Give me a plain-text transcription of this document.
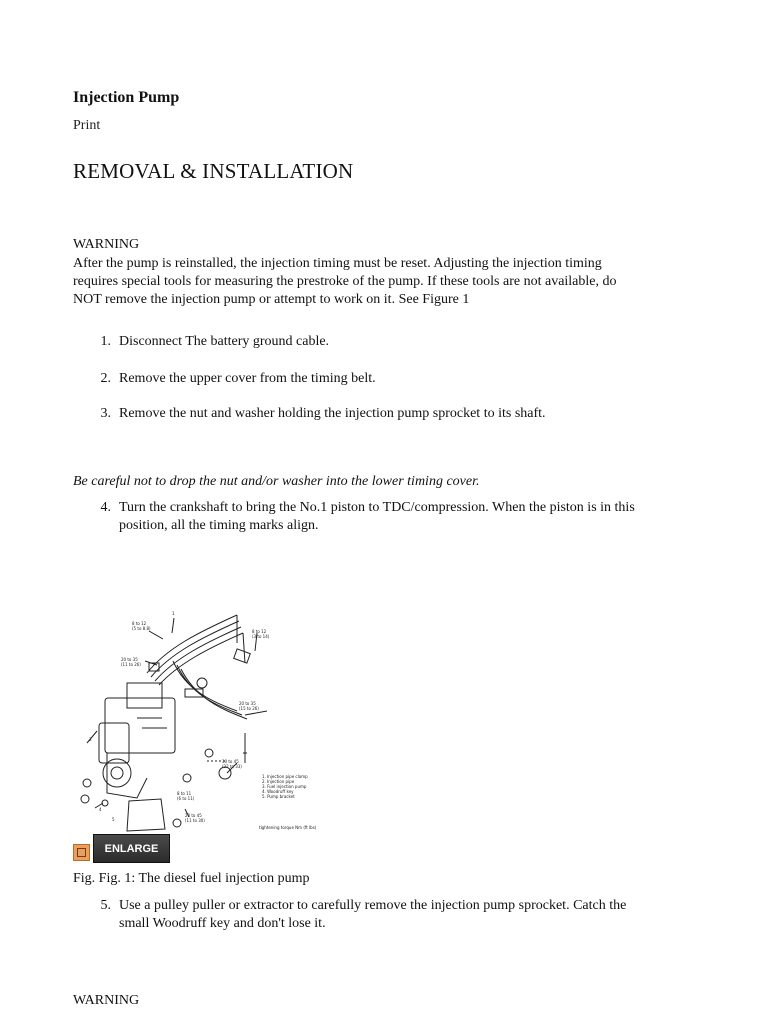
Injection Pump
Print
REMOVAL & INSTALLATION
WARNING
After the pump is reinstalled, the injection timing must be reset. Adjusting the injection timing
requires special tools for measuring the prestroke of the pump. If these tools are not available, do
NOT remove the injection pump or attempt to work on it. See Figure 1
1. Disconnect The battery ground cable.
2. Remove the upper cover from the timing belt.
3. Remove the nut and washer holding the injection pump sprocket to its shaft.
Be careful not to drop the nut and/or washer into the lower timing cover.
4. Turn the crankshaft to bring the No.1 piston to TDC/compression. When the piston is in this
position, all the timing marks align.
8 to 12
(5 to 8.8)
8 to 12
(3 to 14)
20 to 35
(11 to 26)
20 to 35
(15 to 26)
30 to 45
(22 to 33)
8 to 11
(6 to 11)
20 to 45
(11 to 30)
3
1
4
5
1. Injection pipe clamp
2. Injection pipe
3. Fuel injection pump
4. Woodruff key
5. Pump bracket
tightening torque Nm (ft lbs)
ENLARGE
Fig. Fig. 1: The diesel fuel injection pump
5. Use a pulley puller or extractor to carefully remove the injection pump sprocket. Catch the
small Woodruff key and don't lose it.
WARNING
